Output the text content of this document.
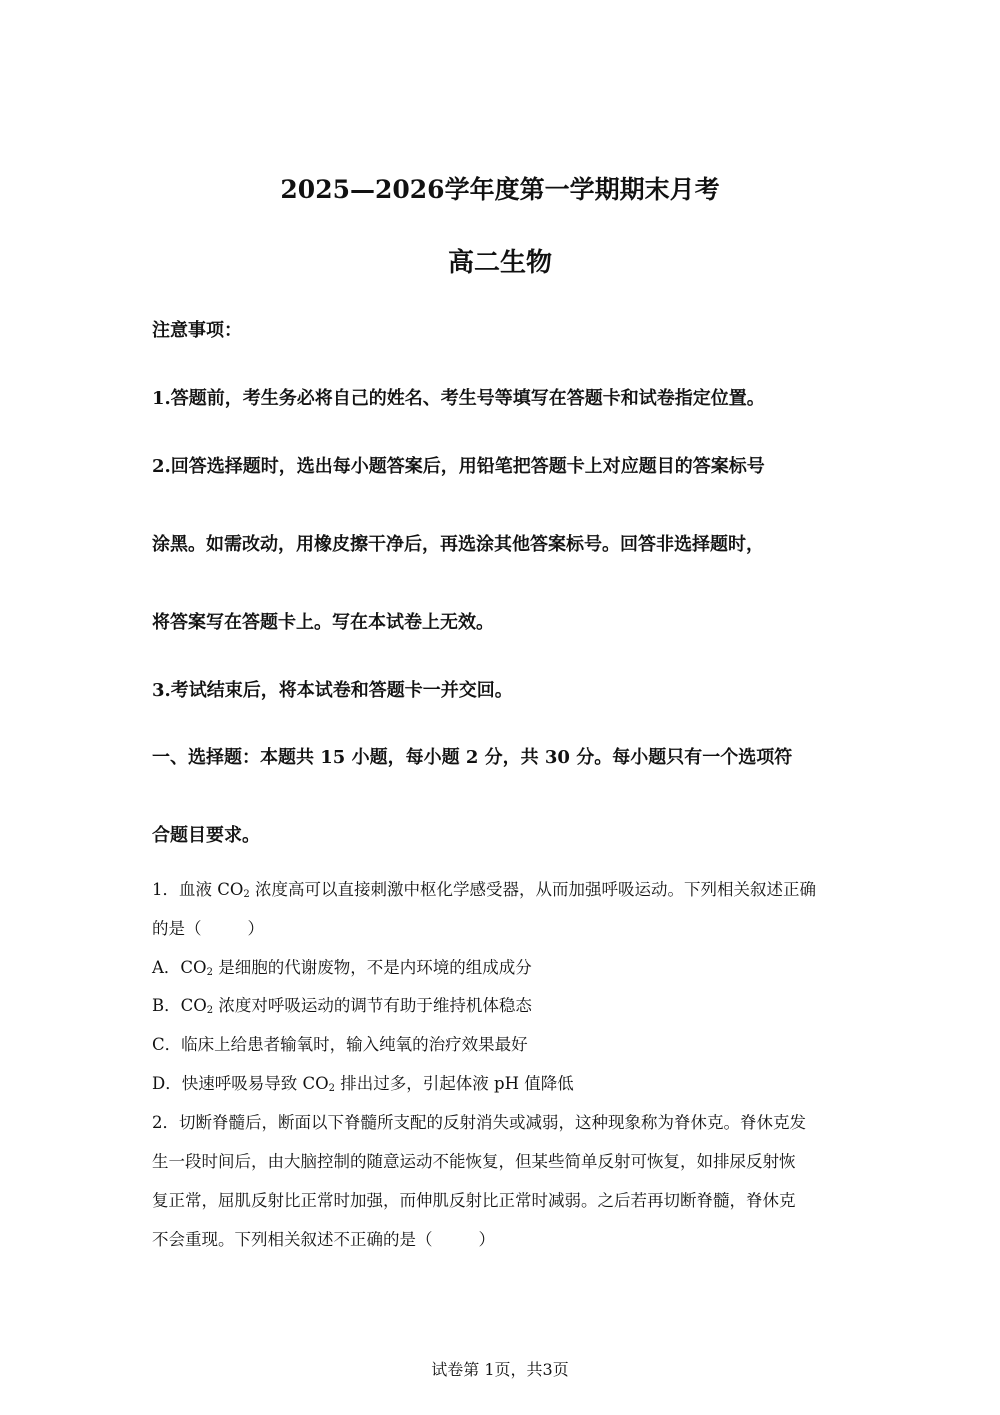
2025—2026学年度第一学期期末月考
高二生物

注意事项：

1.答题前，考生务必将自己的姓名、考生号等填写在答题卡和试卷指定位置。

2.回答选择题时，选出每小题答案后，用铅笔把答题卡上对应题目的答案标号

涂黑。如需改动，用橡皮擦干净后，再选涂其他答案标号。回答非选择题时，

将答案写在答题卡上。写在本试卷上无效。

3.考试结束后，将本试卷和答题卡一并交回。

一、选择题：本题共 15 小题，每小题 2 分，共 30 分。每小题只有一个选项符

合题目要求。

1．血液 $CO_2$ 浓度高可以直接刺激中枢化学感受器，从而加强呼吸运动。下列相关叙述正确

的是（	）

A．$CO_2$ 是细胞的代谢废物，不是内环境的组成成分

B．$CO_2$ 浓度对呼吸运动的调节有助于维持机体稳态

C．临床上给患者输氧时，输入纯氧的治疗效果最好

D．快速呼吸易导致 $CO_2$ 排出过多，引起体液 pH 值降低

2．切断脊髓后，断面以下脊髓所支配的反射消失或减弱，这种现象称为脊休克。脊休克发

生一段时间后，由大脑控制的随意运动不能恢复，但某些简单反射可恢复，如排尿反射恢

复正常，屈肌反射比正常时加强，而伸肌反射比正常时减弱。之后若再切断脊髓，脊休克

不会重现。下列相关叙述不正确的是（	）

试卷第 1页，共3页
